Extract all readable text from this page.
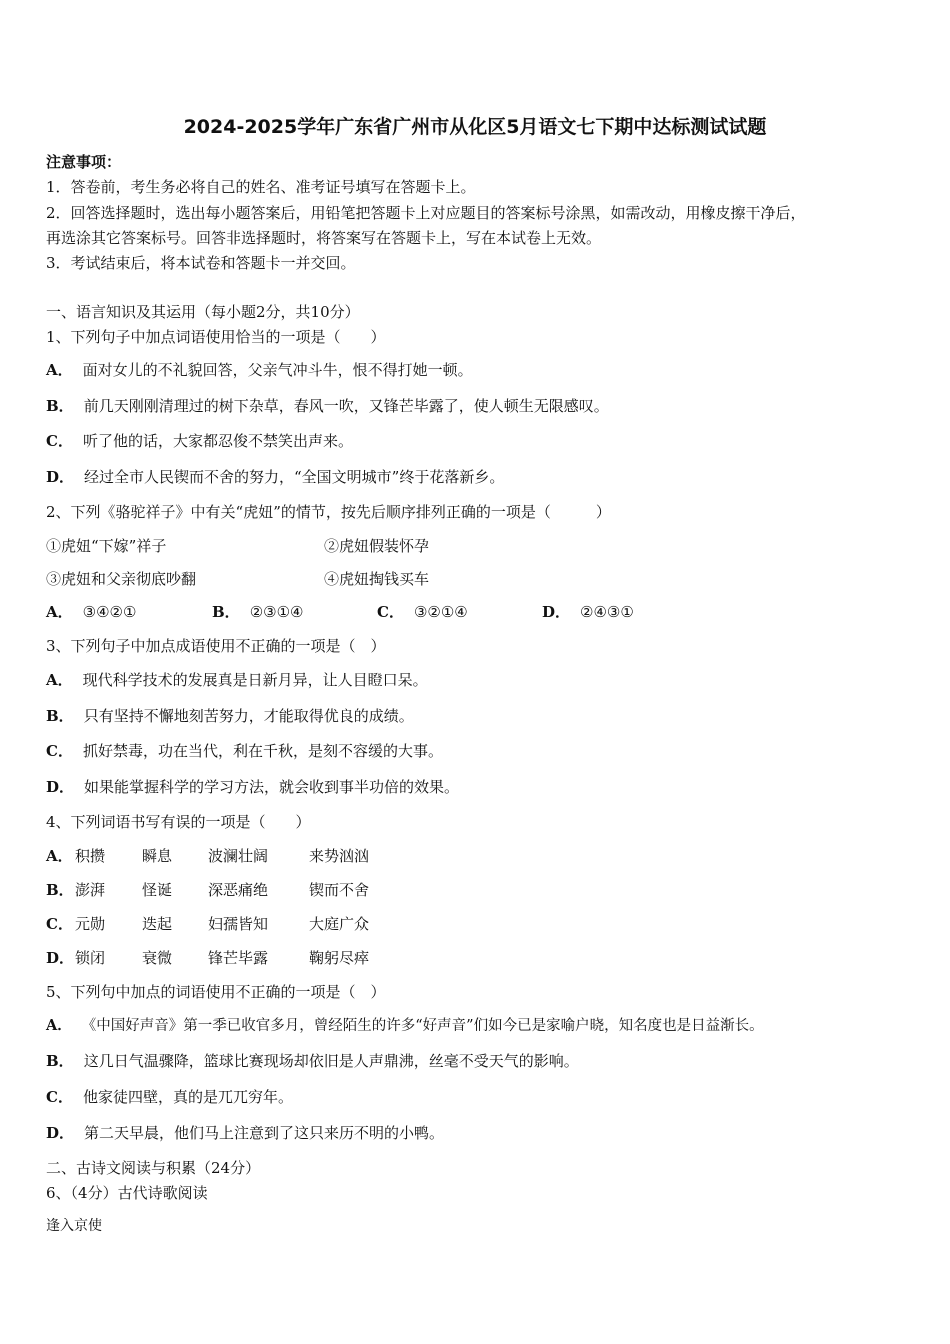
2024-2025学年广东省广州市从化区5月语文七下期中达标测试试题
注意事项：
1．答卷前，考生务必将自己的姓名、准考证号填写在答题卡上。
2．回答选择题时，选出每小题答案后，用铅笔把答题卡上对应题目的答案标号涂黑，如需改动，用橡皮擦干净后，
再选涂其它答案标号。回答非选择题时，将答案写在答题卡上，写在本试卷上无效。
3．考试结束后，将本试卷和答题卡一并交回。
一、语言知识及其运用（每小题2分，共10分）
1、下列句子中加点词语使用恰当的一项是（　　）
A． 面对女儿的不礼貌回答，父亲气冲斗牛，恨不得打她一顿。
B． 前几天刚刚清理过的树下杂草，春风一吹，又锋芒毕露了，使人顿生无限感叹。
C． 听了他的话，大家都忍俊不禁笑出声来。
D． 经过全市人民锲而不舍的努力，“全国文明城市”终于花落新乡。
2、下列《骆驼祥子》中有关“虎妞”的情节，按先后顺序排列正确的一项是（　　　）
①虎妞“下嫁”祥子	②虎妞假装怀孕
③虎妞和父亲彻底吵翻	④虎妞掏钱买车
A． ③④②①	B． ②③①④	C． ③②①④	D． ②④③①
3、下列句子中加点成语使用不正确的一项是（　）
A． 现代科学技术的发展真是日新月异，让人目瞪口呆。
B． 只有坚持不懈地刻苦努力，才能取得优良的成绩。
C． 抓好禁毒，功在当代，利在千秋，是刻不容缓的大事。
D． 如果能掌握科学的学习方法，就会收到事半功倍的效果。
4、下列词语书写有误的一项是（　　）
A． 积攒 瞬息 波澜壮阔	来势汹汹
B． 澎湃 怪诞 深恶痛绝	锲而不舍
C． 元勋 迭起 妇孺皆知	大庭广众
D． 锁闭 衰微 锋芒毕露	鞠躬尽瘁
5、下列句中加点的词语使用不正确的一项是（　）
A． 《中国好声音》第一季已收官多月，曾经陌生的许多“好声音”们如今已是家喻户晓，知名度也是日益渐长。
B． 这几日气温骤降，篮球比赛现场却依旧是人声鼎沸，丝毫不受天气的影响。
C． 他家徒四壁，真的是兀兀穷年。
D． 第二天早晨，他们马上注意到了这只来历不明的小鸭。
二、古诗文阅读与积累（24分）
6、（4分）古代诗歌阅读
逢入京使
